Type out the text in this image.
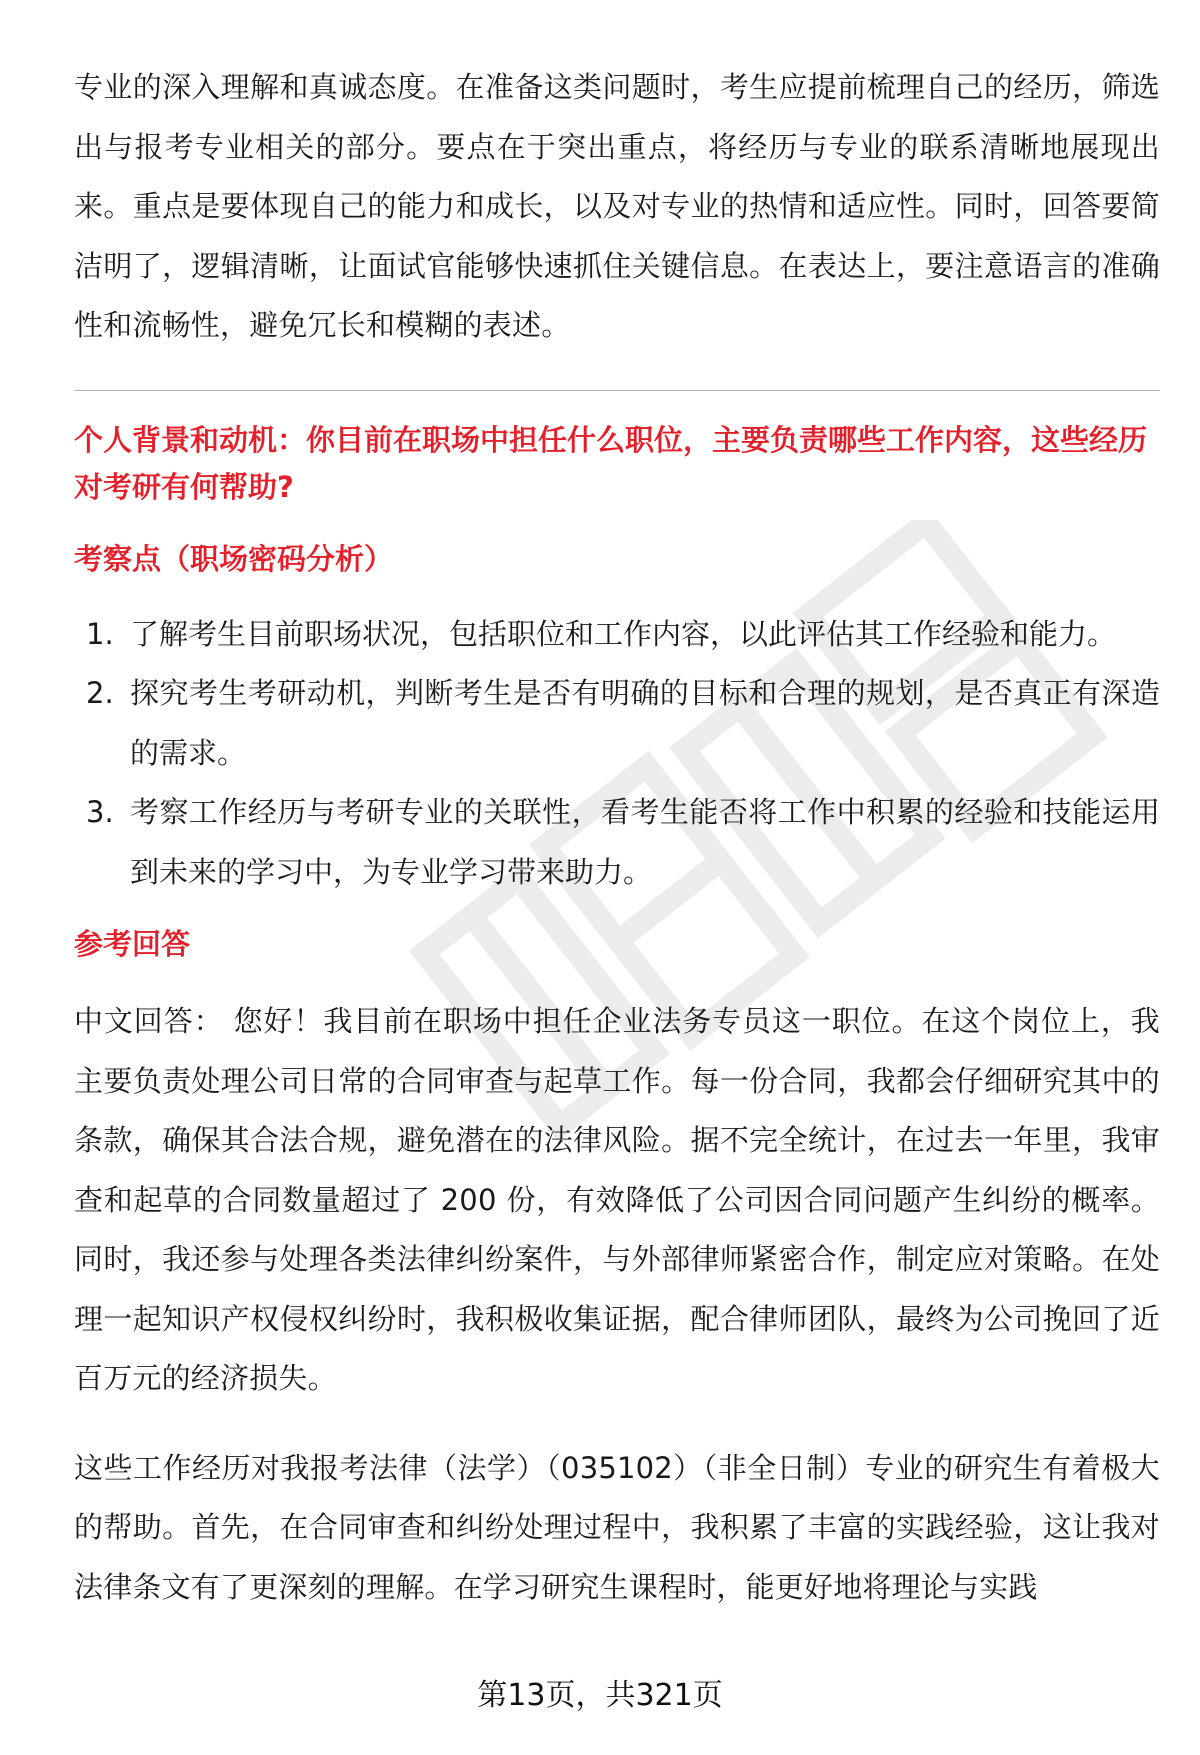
专业的深入理解和真诚态度。在准备这类问题时，考生应提前梳理自己的经历，筛选出与报考专业相关的部分。要点在于突出重点，将经历与专业的联系清晰地展现出来。重点是要体现自己的能力和成长，以及对专业的热情和适应性。同时，回答要简洁明了，逻辑清晰，让面试官能够快速抓住关键信息。在表达上，要注意语言的准确性和流畅性，避免冗长和模糊的表述。

个人背景和动机：你目前在职场中担任什么职位，主要负责哪些工作内容，这些经历对考研有何帮助?
考察点（职场密码分析）
1. 了解考生目前职场状况，包括职位和工作内容，以此评估其工作经验和能力。
2. 探究考生考研动机，判断考生是否有明确的目标和合理的规划，是否真正有深造的需求。
3. 考察工作经历与考研专业的关联性，看考生能否将工作中积累的经验和技能运用到未来的学习中，为专业学习带来助力。
参考回答

中文回答： 您好！我目前在职场中担任企业法务专员这一职位。在这个岗位上，我主要负责处理公司日常的合同审查与起草工作。每一份合同，我都会仔细研究其中的条款，确保其合法合规，避免潜在的法律风险。据不完全统计，在过去一年里，我审查和起草的合同数量超过了 200 份，有效降低了公司因合同问题产生纠纷的概率。同时，我还参与处理各类法律纠纷案件，与外部律师紧密合作，制定应对策略。在处理一起知识产权侵权纠纷时，我积极收集证据，配合律师团队，最终为公司挽回了近百万元的经济损失。

这些工作经历对我报考法律（法学）（035102）（非全日制）专业的研究生有着极大的帮助。首先，在合同审查和纠纷处理过程中，我积累了丰富的实践经验，这让我对法律条文有了更深刻的理解。在学习研究生课程时，能更好地将理论与实践

第13页，共321页
